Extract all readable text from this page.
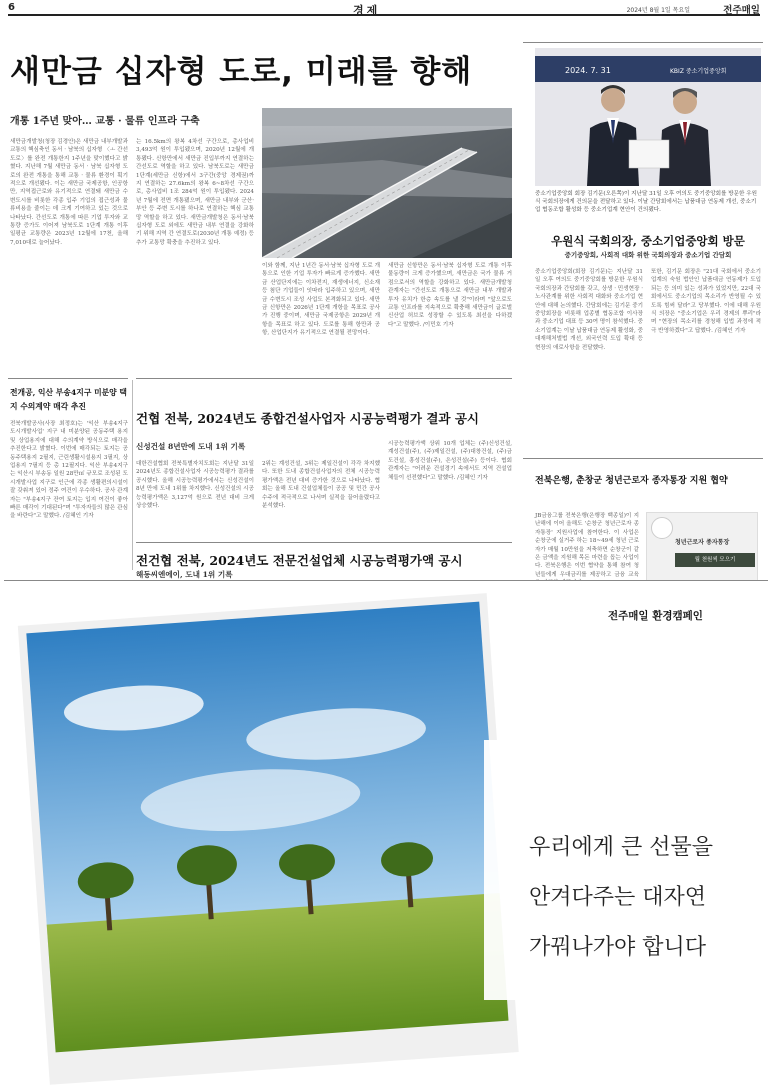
6	경제	2024년 8월 1일 목요일	전주매일
새만금 십자형 도로, 미래를 향해
개통 1주년 맞아… 교통 · 물류 인프라 구축
새만금개발청(청장 김경안)은 새만금 내부개발과 교통의 핵심축인 동서 · 남북의 십자형 〈ㅗ 간선도로〉를 완전 개통한지 1주년을 맞이했다고 밝혔다. 지난해 7월 새만금 동서 · 남북 십자형 도로의 완전 개통을 통해 교통 · 물류 환경이 획기적으로 개선됐다. 이는 새만금 국제공항, 인공항만, 지역접근로와 유기적으로 연결돼 새만금 수변도시를 비롯한 각종 입주 기업의 접근성과 물류비용을 줄이는 데 크게 기여하고 있는 것으로 나타났다. 간선도로 개통에 따른 기업 투자와 교통량 증가도 이어져 남북도로 1단계 개통 이후 일평균 교통량은 2023년 12월에 17천, 올해 7,010대로 늘어났다.
는 16.5km의 왕복 4차선 구간으로, 총사업비 3,493억 원이 투입됐으며, 2020년 12월에 개통됐다. 신항만에서 새만금 진입부까지 연결하는 간선도로 역할을 하고 있다. 남북도로는 새만금 1단계(세만금 신항)에서 3구간(중앙 경제권)까지 연결하는 27.6km의 왕복 6~8차선 구간으로, 총사업비 1조 284억 원이 투입됐다. 2024년 7월에 전면 개통됐으며, 새만금 내부와 군산·부안 등 주변 도시를 하나로 연결하는 핵심 교통망 역할을 하고 있다. 새만금개발청은 동서·남북 십자형 도로 외에도 새만금 내부 연결을 강화하기 위해 지역 간 연결도로(2030년 개통 예정) 등 추가 교통망 확충을 추진하고 있다.
이와 함께, 지난 1년간 동서·남북 십자형 도로 개통으로 인한 기업 투자가 빠르게 증가했다. 새만금 산업단지에는 이차전지, 재생에너지, 신소재 등 첨단 기업들이 잇따라 입주하고 있으며, 새만금 수변도시 조성 사업도 본격화되고 있다. 새만금 신항만은 2026년 1단계 개항을 목표로 공사가 진행 중이며, 새만금 국제공항은 2029년 개항을 목표로 하고 있다. 도로를 통해 항만과 공항, 산업단지가 유기적으로 연결될 전망이다.
새만금 신항만은 동서·남북 십자형 도로 개통 이후 물동량이 크게 증가했으며, 새만금은 국가 물류 거점으로서의 역할을 강화하고 있다. 새만금개발청 관계자는 "간선도로 개통으로 새만금 내부 개발과 투자 유치가 한층 속도를 낼 것"이라며 "앞으로도 교통 인프라를 지속적으로 확충해 새만금이 글로벌 신산업 허브로 성장할 수 있도록 최선을 다하겠다"고 말했다. /이민호 기자
2024. 7. 31	KBIZ 중소기업중앙회
중소기업중앙회 회장 김기문(오른쪽)이 지난달 31일 오후 여의도 중기중앙회를 방문한 우원식 국회의장에게 건의문을 전달하고 있다. 이날 간담회에서는 납품대금 연동제 개선, 중소기업 협동조합 활성화 등 중소기업계 현안이 건의됐다.
우원식 국회의장, 중소기업중앙회 방문
중기중앙회, 사회적 대화 위한 국회의장과 중소기업 간담회
중소기업중앙회(회장 김기문)는 지난달 31일 오후 여의도 중기중앙회를 방문한 우원식 국회의장과 간담회를 갖고, 상생 · 민생현장 · 노사관계를 위한 사회적 대화와 중소기업 현안에 대해 논의했다. 간담회에는 김기문 중기중앙회장을 비롯해 업종별 협동조합 이사장과 중소기업 대표 등 30여 명이 참석했다. 중소기업계는 이날 납품대금 연동제 활성화, 중대재해처벌법 개선, 외국인력 도입 확대 등 현장의 애로사항을 전달했다.
또한, 김기문 회장은 "21대 국회에서 중소기업계의 숙원 법안인 납품대금 연동제가 도입되는 등 의미 있는 성과가 있었지만, 22대 국회에서도 중소기업의 목소리가 반영될 수 있도록 힘써 달라"고 당부했다. 이에 대해 우원식 의장은 "중소기업은 우리 경제의 뿌리"라며 "현장의 목소리를 경청해 입법 과정에 적극 반영하겠다"고 답했다. /김혜인 기자
전개공, 익산 부송4지구 미분양 택지 수의계약 매각 추진
전북개발공사(사장 최정호)는 '익산 부송4지구 도시개발사업' 지구 내 미분양된 공동주택 용지 및 상업용지에 대해 수의계약 방식으로 매각을 추진한다고 밝혔다. 이번에 매각되는 토지는 공동주택용지 2필지, 근린생활시설용지 3필지, 상업용지 7필지 등 총 12필지다. 익산 부송4지구는 익산시 부송동 일원 28만㎡ 규모로 조성된 도시개발사업 지구로 인근에 각종 생활편의시설이 잘 갖춰져 있어 정주 여건이 우수하다. 공사 관계자는 "부송4지구 잔여 토지는 입지 여건이 좋아 빠른 매각이 기대된다"며 "투자자들의 많은 관심을 바란다"고 말했다. /김혜인 기자
건협 전북, 2024년도 종합건설사업자 시공능력평가 결과 공시
신성건설 8년만에 도내 1위 기록
대한건설협회 전북특별자치도회는 지난달 31일 2024년도 종합건설사업자 시공능력평가 결과를 공시했다. 올해 시공능력평가에서는 신성건설이 8년 만에 도내 1위를 차지했다. 신성건설의 시공능력평가액은 3,127억 원으로 전년 대비 크게 상승했다.
2위는 계성건설, 3위는 제일건설이 각각 차지했다. 또한 도내 종합건설사업자의 전체 시공능력평가액은 전년 대비 증가한 것으로 나타났다. 협회는 올해 도내 건설업체들이 공공 및 민간 공사 수주에 적극적으로 나서며 실적을 끌어올렸다고 분석했다.
시공능력평가액 상위 10개 업체는 (주)신성건설, 계성건설(주), (주)제일건설, (주)대창건설, (주)금도건설, 흥성건설(주), 은성건설(주) 등이다. 협회 관계자는 "어려운 건설경기 속에서도 지역 건설업체들이 선전했다"고 말했다. /김혜인 기자
전건협 전북, 2024년도 전문건설업체 시공능력평가액 공시
해동씨엔에이, 도내 1위 기록
전북은행, 춘창군 청년근로자 종자통장 지원 협약
JB금융그룹 전북은행(은행장 백종일)이 지난해에 이어 올해도 '순창군 청년근로자 종자통장' 지원사업에 참여한다. 이 사업은 순창군에 실거주 하는 18~49세 청년 근로자가 매월 10만원을 저축하면 순창군이 같은 금액을 지원해 목돈 마련을 돕는 사업이다. 전북은행은 이번 협약을 통해 참여 청년들에게 우대금리를 제공하고 금융 교육
청년근로자 종자통장
월 천원씩 모으기
전주매일 환경캠페인
우리에게 큰 선물을
안겨다주는 대자연
가꿔나가야 합니다
